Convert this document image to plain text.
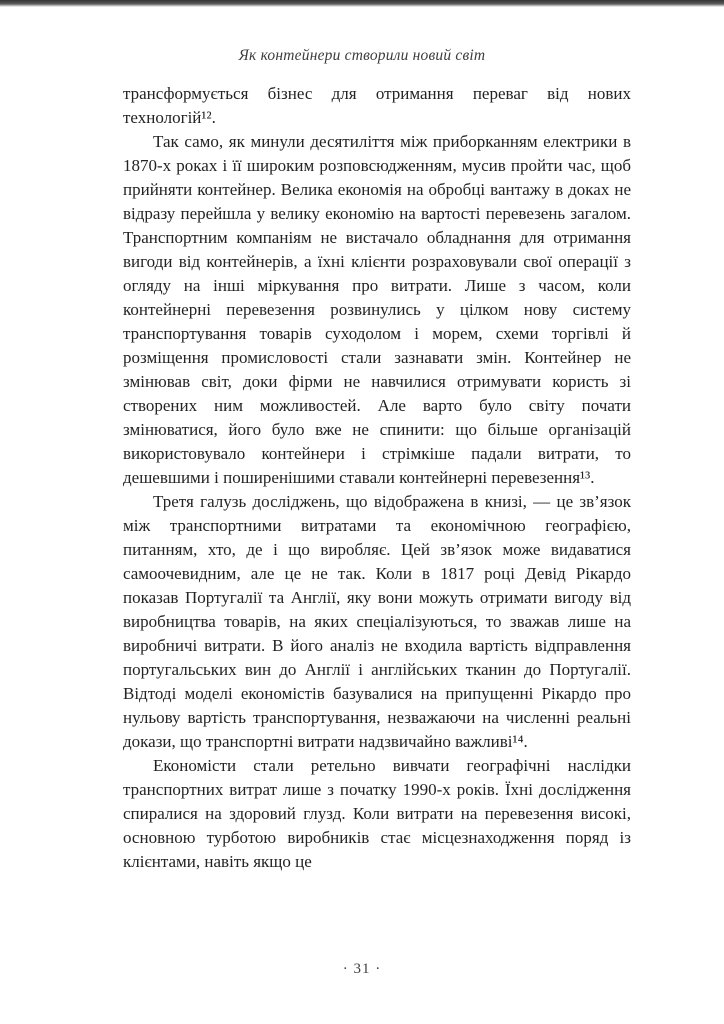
Як контейнери створили новий світ

трансформується бізнес для отримання переваг від нових технологій¹².

Так само, як минули десятиліття між приборканням електрики в 1870-х роках і її широким розповсюдженням, мусив пройти час, щоб прийняти контейнер. Велика економія на обробці вантажу в доках не відразу перейшла у велику економію на вартості перевезень загалом. Транспортним компаніям не вистачало обладнання для отримання вигоди від контейнерів, а їхні клієнти розраховували свої операції з огляду на інші міркування про витрати. Лише з часом, коли контейнерні перевезення розвинулись у цілком нову систему транспортування товарів суходолом і морем, схеми торгівлі й розміщення промисловості стали зазнавати змін. Контейнер не змінював світ, доки фірми не навчилися отримувати користь зі створених ним можливостей. Але варто було світу почати змінюватися, його було вже не спинити: що більше організацій використовувало контейнери і стрімкіше падали витрати, то дешевшими і поширенішими ставали контейнерні перевезення¹³.

Третя галузь досліджень, що відображена в книзі, — це зв’язок між транспортними витратами та економічною географією, питанням, хто, де і що виробляє. Цей зв’язок може видаватися самоочевидним, але це не так. Коли в 1817 році Девід Рікардо показав Португалії та Англії, яку вони можуть отримати вигоду від виробництва товарів, на яких спеціалізуються, то зважав лише на виробничі витрати. В його аналіз не входила вартість відправлення португальських вин до Англії і англійських тканин до Португалії. Відтоді моделі економістів базувалися на припущенні Рікардо про нульову вартість транспортування, незважаючи на численні реальні докази, що транспортні витрати надзвичайно важливі¹⁴.

Економісти стали ретельно вивчати географічні наслідки транспортних витрат лише з початку 1990-х років. Їхні дослідження спиралися на здоровий глузд. Коли витрати на перевезення високі, основною турботою виробників стає місцезнаходження поряд із клієнтами, навіть якщо це

· 31 ·
